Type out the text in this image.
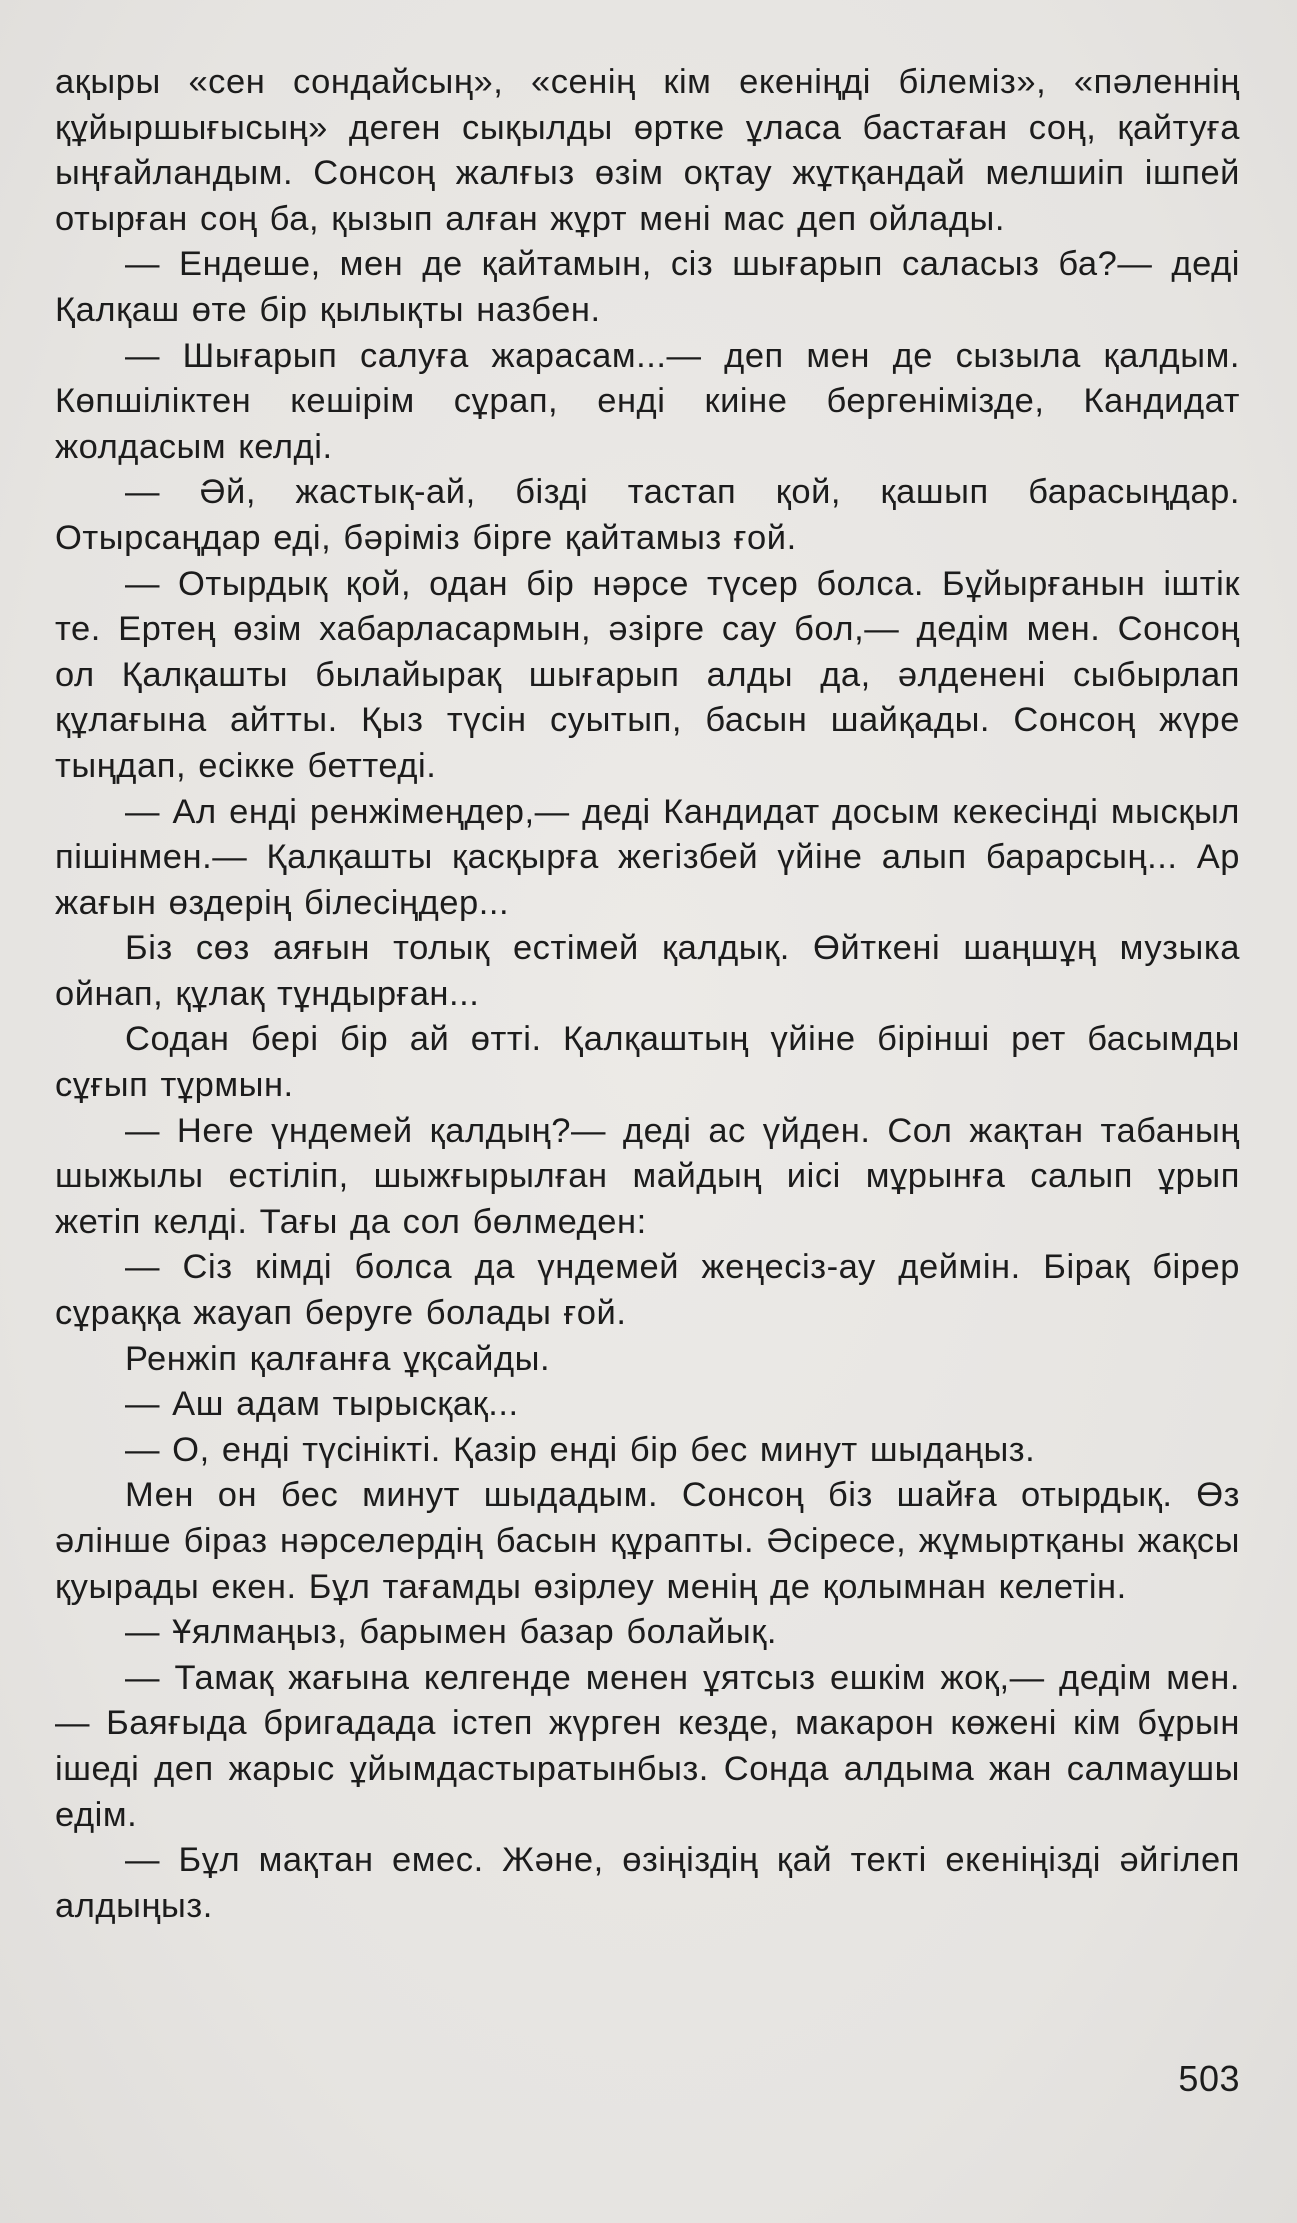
ақыры «сен сондайсың», «сенің кім екеніңді білеміз», «пәленнің құйыршығысың» деген сықылды өртке ұласа бастаған соң, қайтуға ыңғайландым. Сонсоң жалғыз өзім оқтау жұтқандай мелшиіп ішпей отырған соң ба, қызып алған жұрт мені мас деп ойлады.

— Ендеше, мен де қайтамын, сіз шығарып саласыз ба?— деді Қалқаш өте бір қылықты назбен.

— Шығарып салуға жарасам...— деп мен де сызыла қалдым. Көпшіліктен кешірім сұрап, енді киіне бергенімізде, Кандидат жолдасым келді.

— Әй, жастық-ай, бізді тастап қой, қашып барасыңдар. Отырсаңдар еді, бәріміз бірге қайтамыз ғой.

— Отырдық қой, одан бір нәрсе түсер болса. Бұйырғанын іштік те. Ертең өзім хабарласармын, әзірге сау бол,— дедім мен. Сонсоң ол Қалқашты былайырақ шығарып алды да, әлдененi сыбырлап құлағына айтты. Қыз түсін суытып, басын шайқады. Сонсоң жүре тыңдап, есікке беттеді.

— Ал енді ренжімеңдер,— деді Кандидат досым кекесінді мысқыл пішінмен.— Қалқашты қасқырға жегізбей үйіне алып барарсың... Ар жағын өздерің білесіңдер...

Біз сөз аяғын толық естімей қалдық. Өйткені шаңшұң музыка ойнап, құлақ тұндырған...

Содан бері бір ай өтті. Қалқаштың үйіне бірінші рет басымды сұғып тұрмын.

— Неге үндемей қалдың?— деді ас үйден. Сол жақтан табаның шыжылы естіліп, шыжғырылған майдың иісі мұрынға салып ұрып жетіп келді. Тағы да сол бөлмеден:

— Сіз кімді болса да үндемей жеңесіз-ау деймін. Бірақ бірер сұраққа жауап беруге болады ғой.

Ренжіп қалғанға ұқсайды.

— Аш адам тырысқақ...

— О, енді түсінікті. Қазір енді бір бес минут шыдаңыз.

Мен он бес минут шыдадым. Сонсоң біз шайға отырдық. Өз әлінше біраз нәрселердің басын құрапты. Әсіресе, жұмыртқаны жақсы қуырады екен. Бұл тағамды өзірлеу менің де қолымнан келетін.

— Ұялмаңыз, барымен базар болайық.

— Тамақ жағына келгенде менен ұятсыз ешкім жоқ,— дедім мен.— Баяғыда бригадада істеп жүрген кезде, макарон көжені кім бұрын ішеді деп жарыс ұйымдастыратынбыз. Сонда алдыма жан салмаушы едім.

— Бұл мақтан емес. Және, өзіңіздің қай текті екеніңізді әйгілеп алдыңыз.

503
